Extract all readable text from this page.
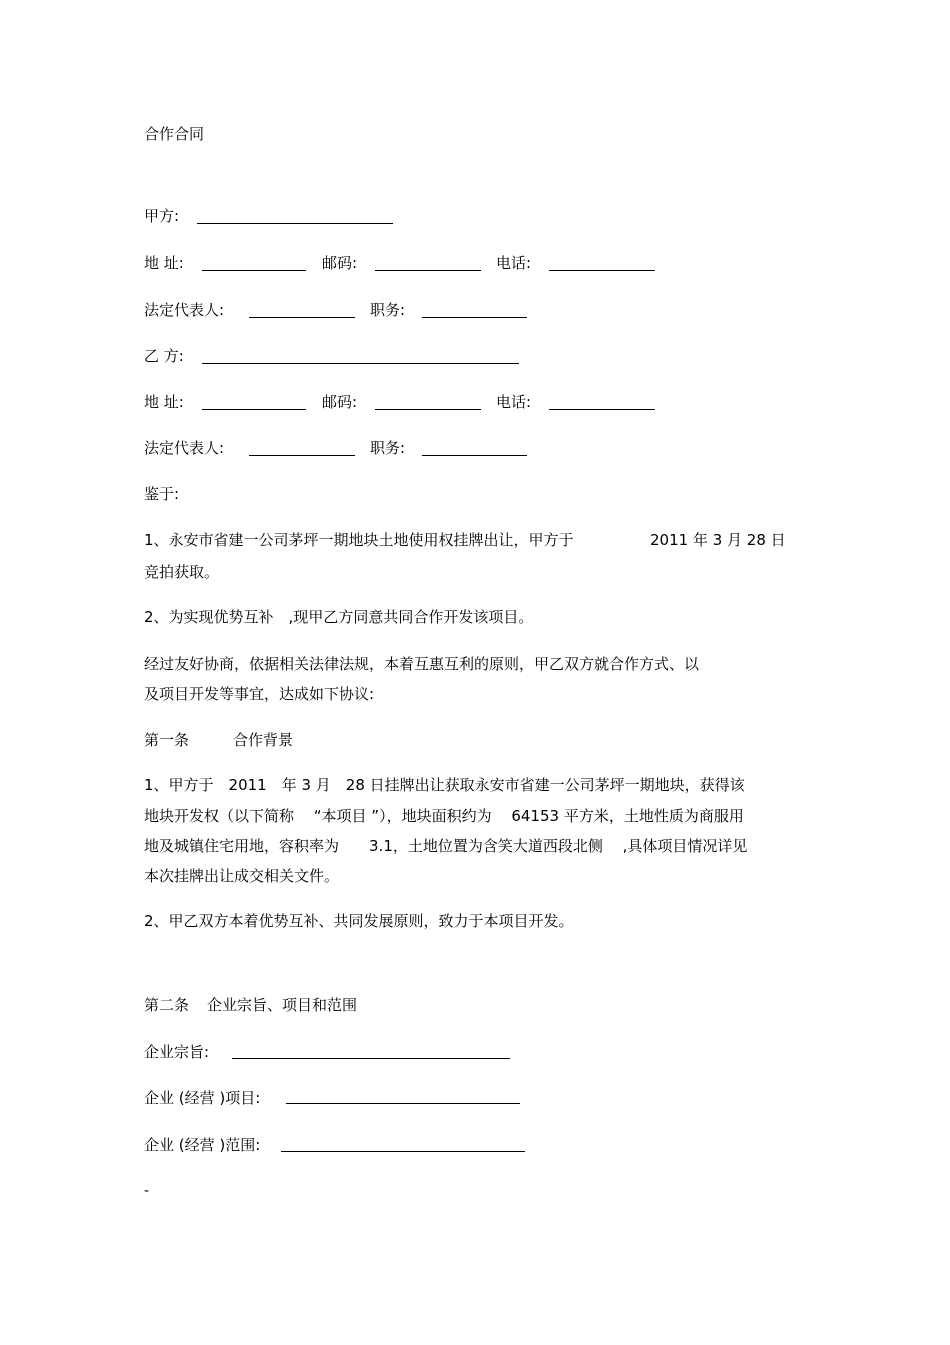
合作合同
甲方:
地 址:	邮码:	电话:
法定代表人:	职务:
乙 方:
地 址:	邮码:	电话:
法定代表人:	职务:
鉴于:
1、永安市省建一公司茅坪一期地块土地使用权挂牌出让，甲方于	2011 年 3 月 28 日
竞拍获取。
2、为实现优势互补　,现甲乙方同意共同合作开发该项目。
经过友好协商，依据相关法律法规，本着互惠互利的原则，甲乙双方就合作方式、以
及项目开发等事宜，达成如下协议:
第一条	合作背景
1、甲方于　2011　年 3 月　28 日挂牌出让获取永安市省建一公司茅坪一期地块，获得该
地块开发权（以下简称　 “本项目 ”），地块面积约为　 64153 平方米，土地性质为商服用
地及城镇住宅用地，容积率为　　3.1，土地位置为含笑大道西段北侧　 ,具体项目情况详见
本次挂牌出让成交相关文件。
2、甲乙双方本着优势互补、共同发展原则，致力于本项目开发。
第二条 企业宗旨、项目和范围
企业宗旨:
企业 (经营 )项目:
企业 (经营 )范围:
-
